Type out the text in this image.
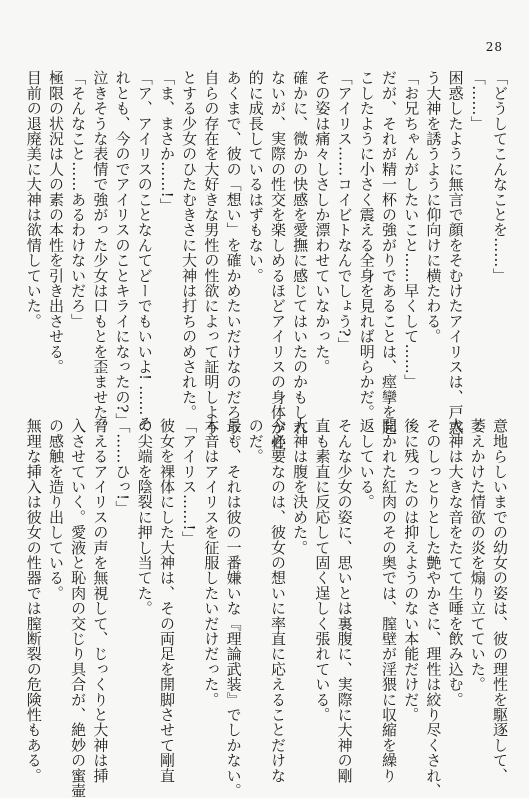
28
「どうしてこんなことを……」
「……」
困惑したように無言で顔をそむけたアイリスは、戸惑
う大神を誘うように仰向けに横たわる。
「お兄ちゃんがしたいこと……早くして……」
だが、それが精一杯の強がりであることは、痙攣を起
こしたように小さく震える全身を見れば明らかだ。
「アイリス……コイビトなんでしょう?」
その姿は痛々しさしか漂わせていなかった。
確かに、微かの快感を愛撫に感じてはいたのかもしれ
ないが、実際の性交を楽しめるほどアイリスの身体が性
的に成長しているはずもない。
あくまで、彼の「想い」を確かめたいだけなのだろう。
自らの存在を大好きな男性の性欲によって証明しよう
とする少女のひたむきさに大神は打ちのめされた。
「ま、まさか……!」
「ア、アイリスのことなんてどーでもいいよ! ……そ
れとも、今のでアイリスのことキライになったの?」
泣きそうな表情で強がった少女は口もとを歪ませた。
「そんなこと……あるわけないだろ」
極限の状況は人の素の本性を引き出させる。
目前の退廃美に大神は欲情していた。
意地らしいまでの幼女の姿は、彼の理性を駆逐して、
萎えかけた情欲の炎を煽り立てていた。
大神は大きな音をたてて生唾を飲み込む。
そのしっとりとした艶やかさに、理性は絞り尽くされ、
後に残ったのは抑えようのない本能だけだ。
開かれた紅肉のその奥では、膣壁が淫猥に収縮を繰り
返している。
そんな少女の姿に、思いとは裏腹に、実際に大神の剛
直も素直に反応して固く逞しく張れている。
大神は腹を決めた。
今必要なのは、彼女の想いに率直に応えることだけな
のだ。
最も、それは彼の一番嫌いな『理論武装』でしかない。
本音はアイリスを征服したいだけだった。
「アイリス……!」
彼女を裸体にした大神は、その両足を開脚させて剛直
の尖端を陰裂に押し当てた。
「……ひっ!」
脅えるアイリスの声を無視して、じっくりと大神は挿
入させていく。愛液と恥肉の交じり具合が、絶妙の蜜壷
の感触を造り出している。
無理な挿入は彼女の性器では膣断裂の危険性もある。
